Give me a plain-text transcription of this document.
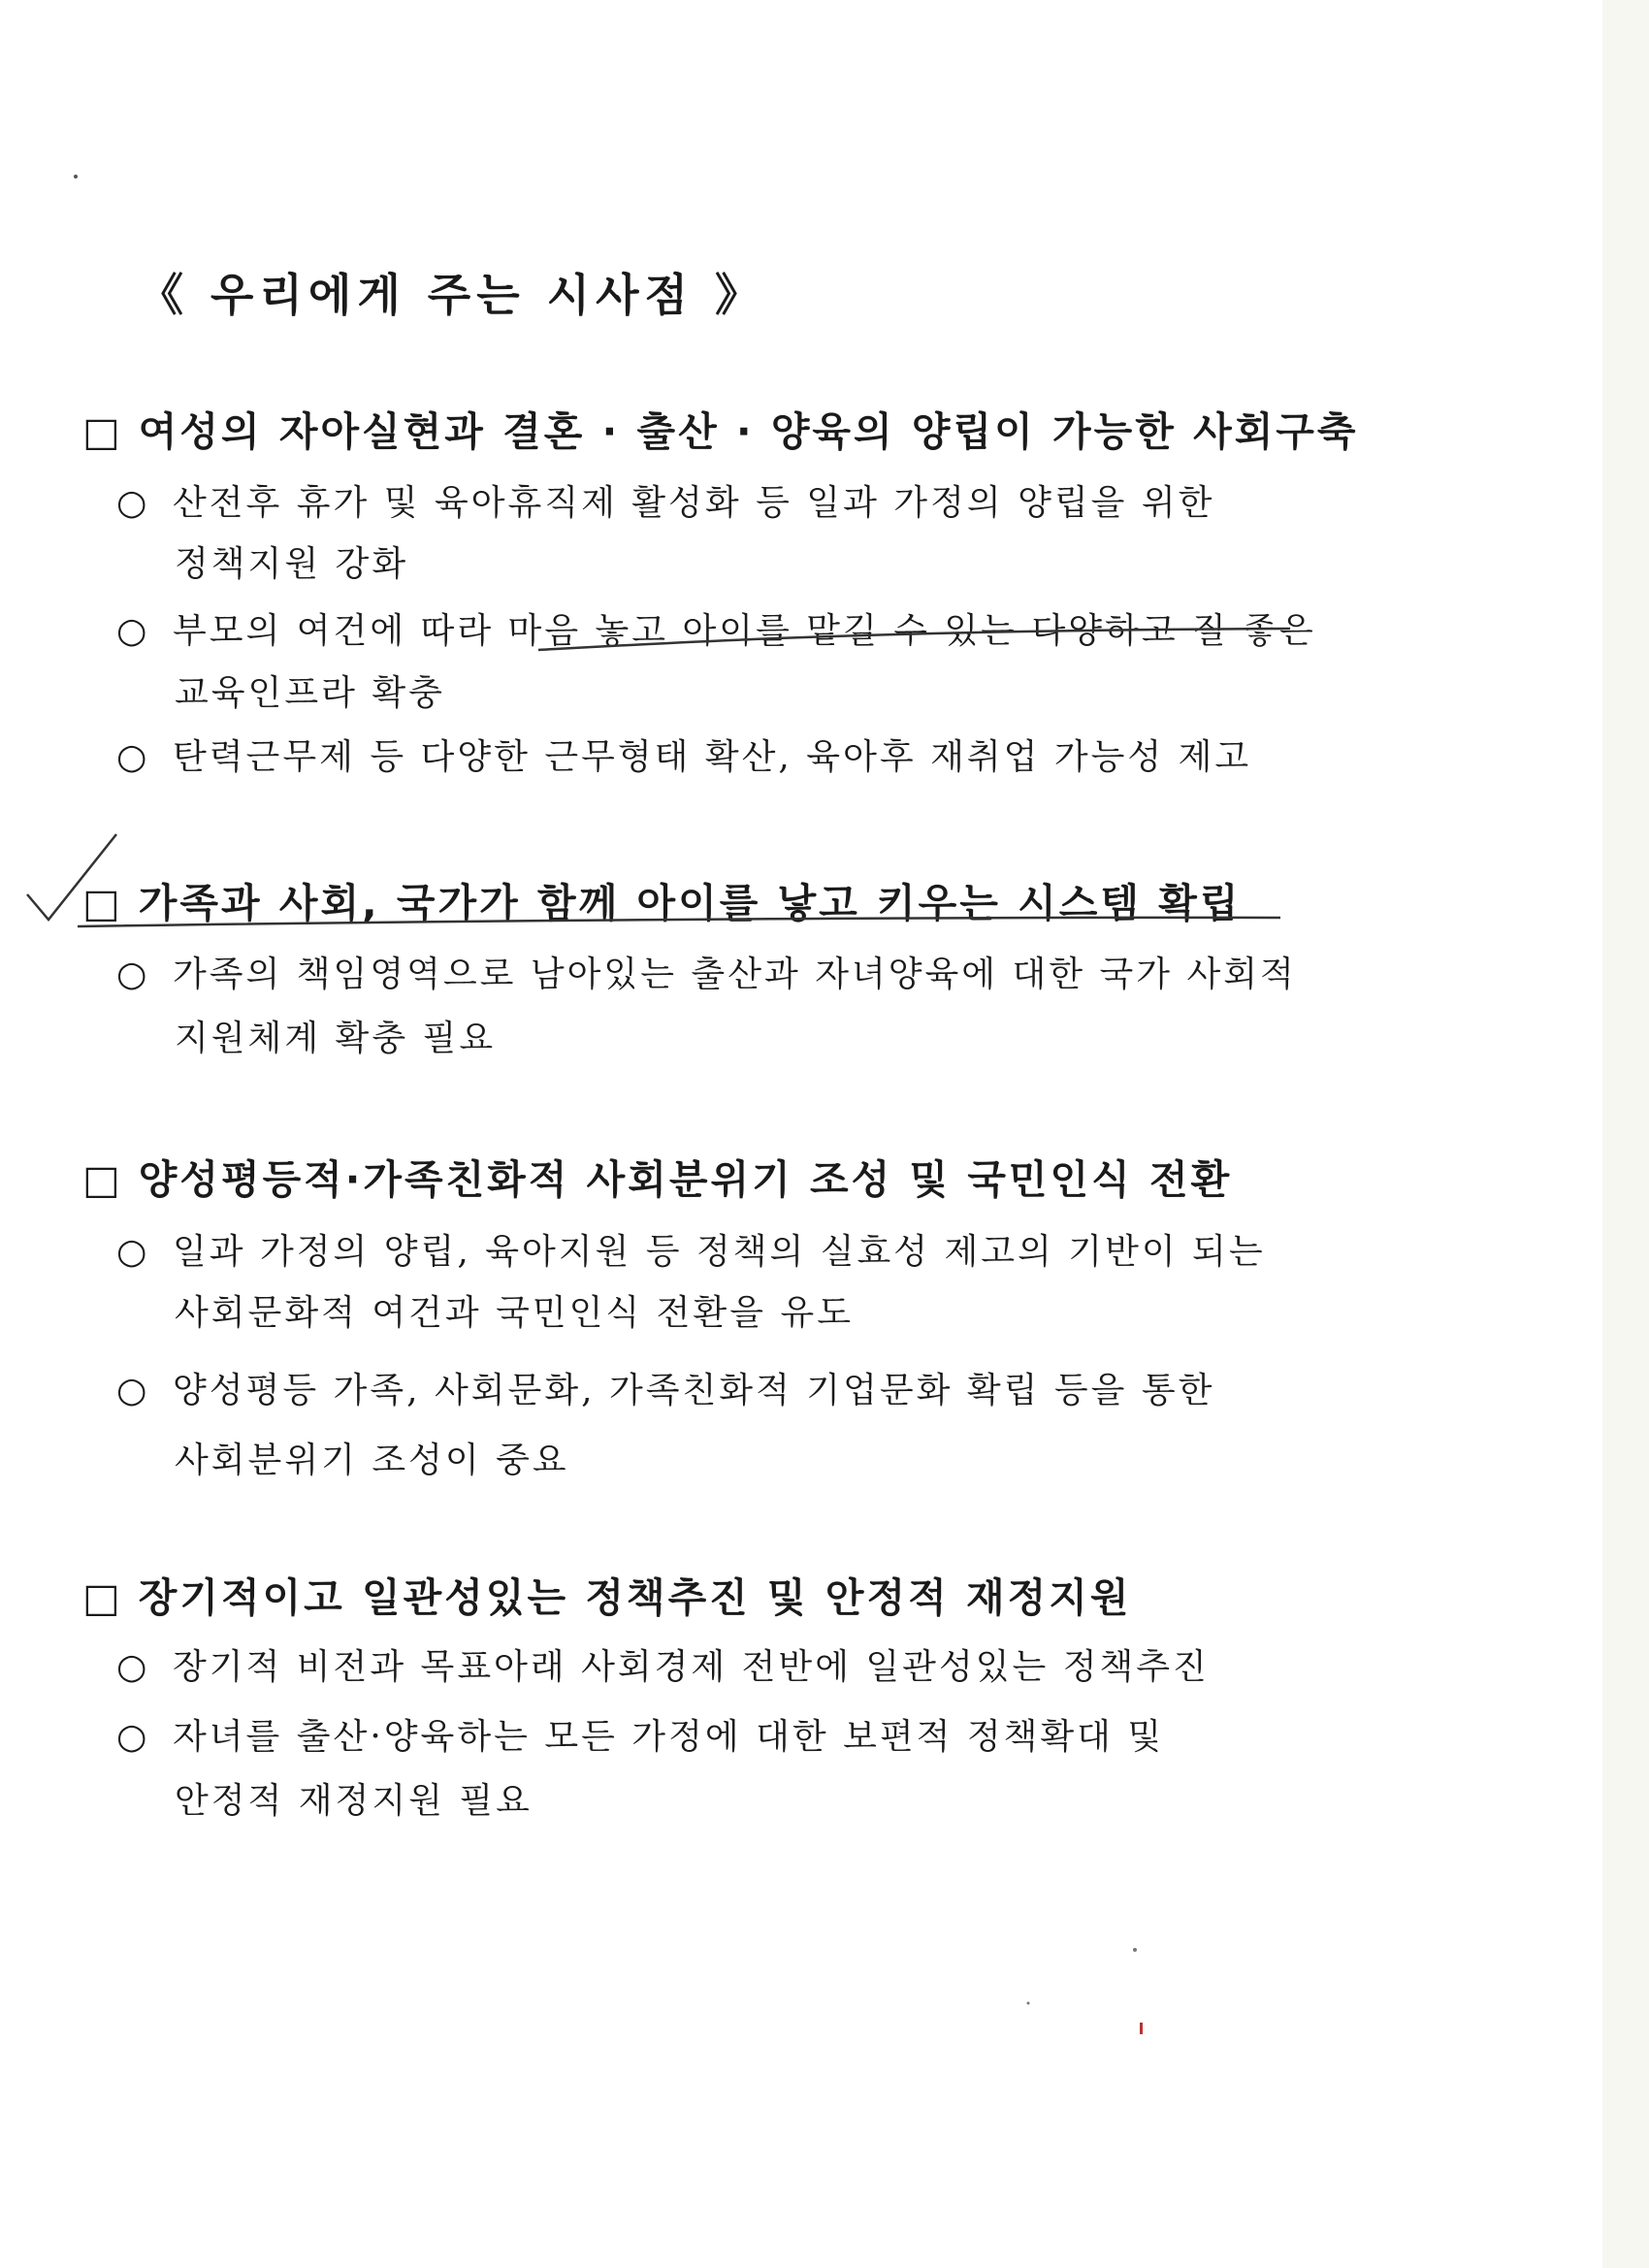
《 우리에게 주는 시사점 》
□ 여성의 자아실현과 결혼 · 출산 · 양육의 양립이 가능한 사회구축
○ 산전후 휴가 및 육아휴직제 활성화 등 일과 가정의 양립을 위한
정책지원 강화
○ 부모의 여건에 따라 마음 놓고 아이를 맡길 수 있는 다양하고 질 좋은
교육인프라 확충
○ 탄력근무제 등 다양한 근무형태 확산, 육아후 재취업 가능성 제고
□ 가족과 사회, 국가가 함께 아이를 낳고 키우는 시스템 확립
○ 가족의 책임영역으로 남아있는 출산과 자녀양육에 대한 국가 사회적
지원체계 확충 필요
□ 양성평등적·가족친화적 사회분위기 조성 및 국민인식 전환
○ 일과 가정의 양립, 육아지원 등 정책의 실효성 제고의 기반이 되는
사회문화적 여건과 국민인식 전환을 유도
○ 양성평등 가족, 사회문화, 가족친화적 기업문화 확립 등을 통한
사회분위기 조성이 중요
□ 장기적이고 일관성있는 정책추진 및 안정적 재정지원
○ 장기적 비전과 목표아래 사회경제 전반에 일관성있는 정책추진
○ 자녀를 출산·양육하는 모든 가정에 대한 보편적 정책확대 및
안정적 재정지원 필요
